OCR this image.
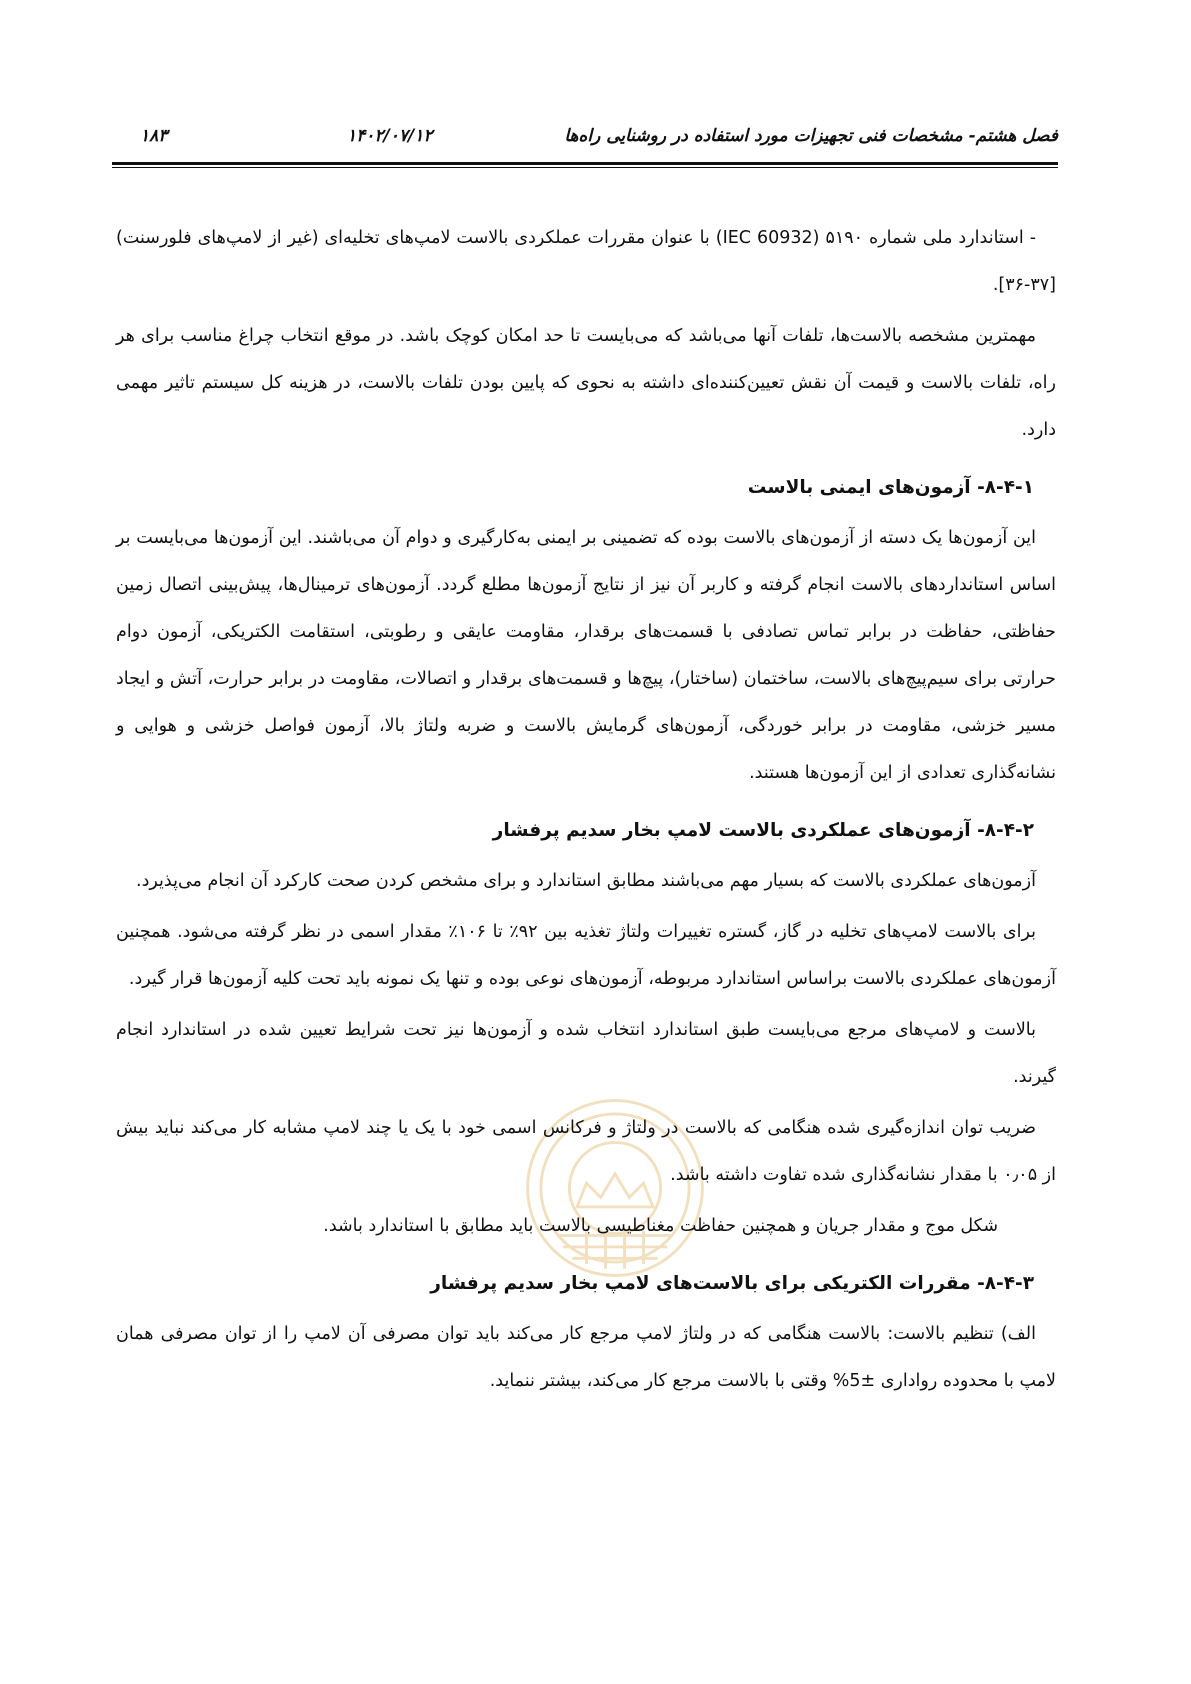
فصل هشتم- مشخصات فنی تجهیزات مورد استفاده در روشنایی راه‌ها
۱۴۰۲/۰۷/۱۲
۱۸۳

- استاندارد ملی شماره ۵۱۹۰ (IEC 60932) با عنوان مقررات عملکردی بالاست لامپ‌های تخلیه‌ای (غیر از لامپ‌های فلورسنت)[۳۷-۳۶].

مهمترین مشخصه بالاست‌ها، تلفات آنها می‌باشد که می‌بایست تا حد امکان کوچک باشد. در موقع انتخاب چراغ مناسب برای هر راه، تلفات بالاست و قیمت آن نقش تعیین‌کننده‌ای داشته به نحوی که پایین بودن تلفات بالاست، در هزینه کل سیستم تاثیر مهمی دارد.

۸-۴-۱- آزمون‌های ایمنی بالاست

این آزمون‌ها یک دسته از آزمون‌های بالاست بوده که تضمینی بر ایمنی به‌کارگیری و دوام آن می‌باشند. این آزمون‌ها می‌بایست بر اساس استانداردهای بالاست انجام گرفته و کاربر آن نیز از نتایج آزمون‌ها مطلع گردد. آزمون‌های ترمینال‌ها، پیش‌بینی اتصال زمین حفاظتی، حفاظت در برابر تماس تصادفی با قسمت‌های برقدار، مقاومت عایقی و رطوبتی، استقامت الکتریکی، آزمون دوام حرارتی برای سیم‌پیچ‌های بالاست، ساختمان (ساختار)، پیچ‌ها و قسمت‌های برقدار و اتصالات، مقاومت در برابر حرارت، آتش و ایجاد مسیر خزشی، مقاومت در برابر خوردگی، آزمون‌های گرمایش بالاست و ضربه ولتاژ بالا، آزمون فواصل خزشی و هوایی و نشانه‌گذاری تعدادی از این آزمون‌ها هستند.

۸-۴-۲- آزمون‌های عملکردی بالاست لامپ بخار سدیم پرفشار

آزمون‌های عملکردی بالاست که بسیار مهم می‌باشند مطابق استاندارد و برای مشخص کردن صحت کارکرد آن انجام می‌پذیرد.

برای بالاست لامپ‌های تخلیه در گاز، گستره تغییرات ولتاژ تغذیه بین ۹۲٪ تا ۱۰۶٪ مقدار اسمی در نظر گرفته می‌شود. همچنین آزمون‌های عملکردی بالاست براساس استاندارد مربوطه، آزمون‌های نوعی بوده و تنها یک نمونه باید تحت کلیه آزمون‌ها قرار گیرد.

بالاست و لامپ‌های مرجع می‌بایست طبق استاندارد انتخاب شده و آزمون‌ها نیز تحت شرایط تعیین شده در استاندارد انجام گیرند.

ضریب توان اندازه‌گیری شده هنگامی که بالاست در ولتاژ و فرکانس اسمی خود با یک یا چند لامپ مشابه کار می‌کند نباید بیش از ۰٫۰۵ با مقدار نشانه‌گذاری شده تفاوت داشته باشد.

شکل موج و مقدار جریان و همچنین حفاظت مغناطیسی بالاست باید مطابق با استاندارد باشد.

۸-۴-۳- مقررات الکتریکی برای بالاست‌های لامپ بخار سدیم پرفشار

الف) تنظیم بالاست: بالاست هنگامی که در ولتاژ لامپ مرجع کار می‌کند باید توان مصرفی آن لامپ را از توان مصرفی همان لامپ با محدوده رواداری ±5% وقتی با بالاست مرجع کار می‌کند، بیشتر ننماید.
